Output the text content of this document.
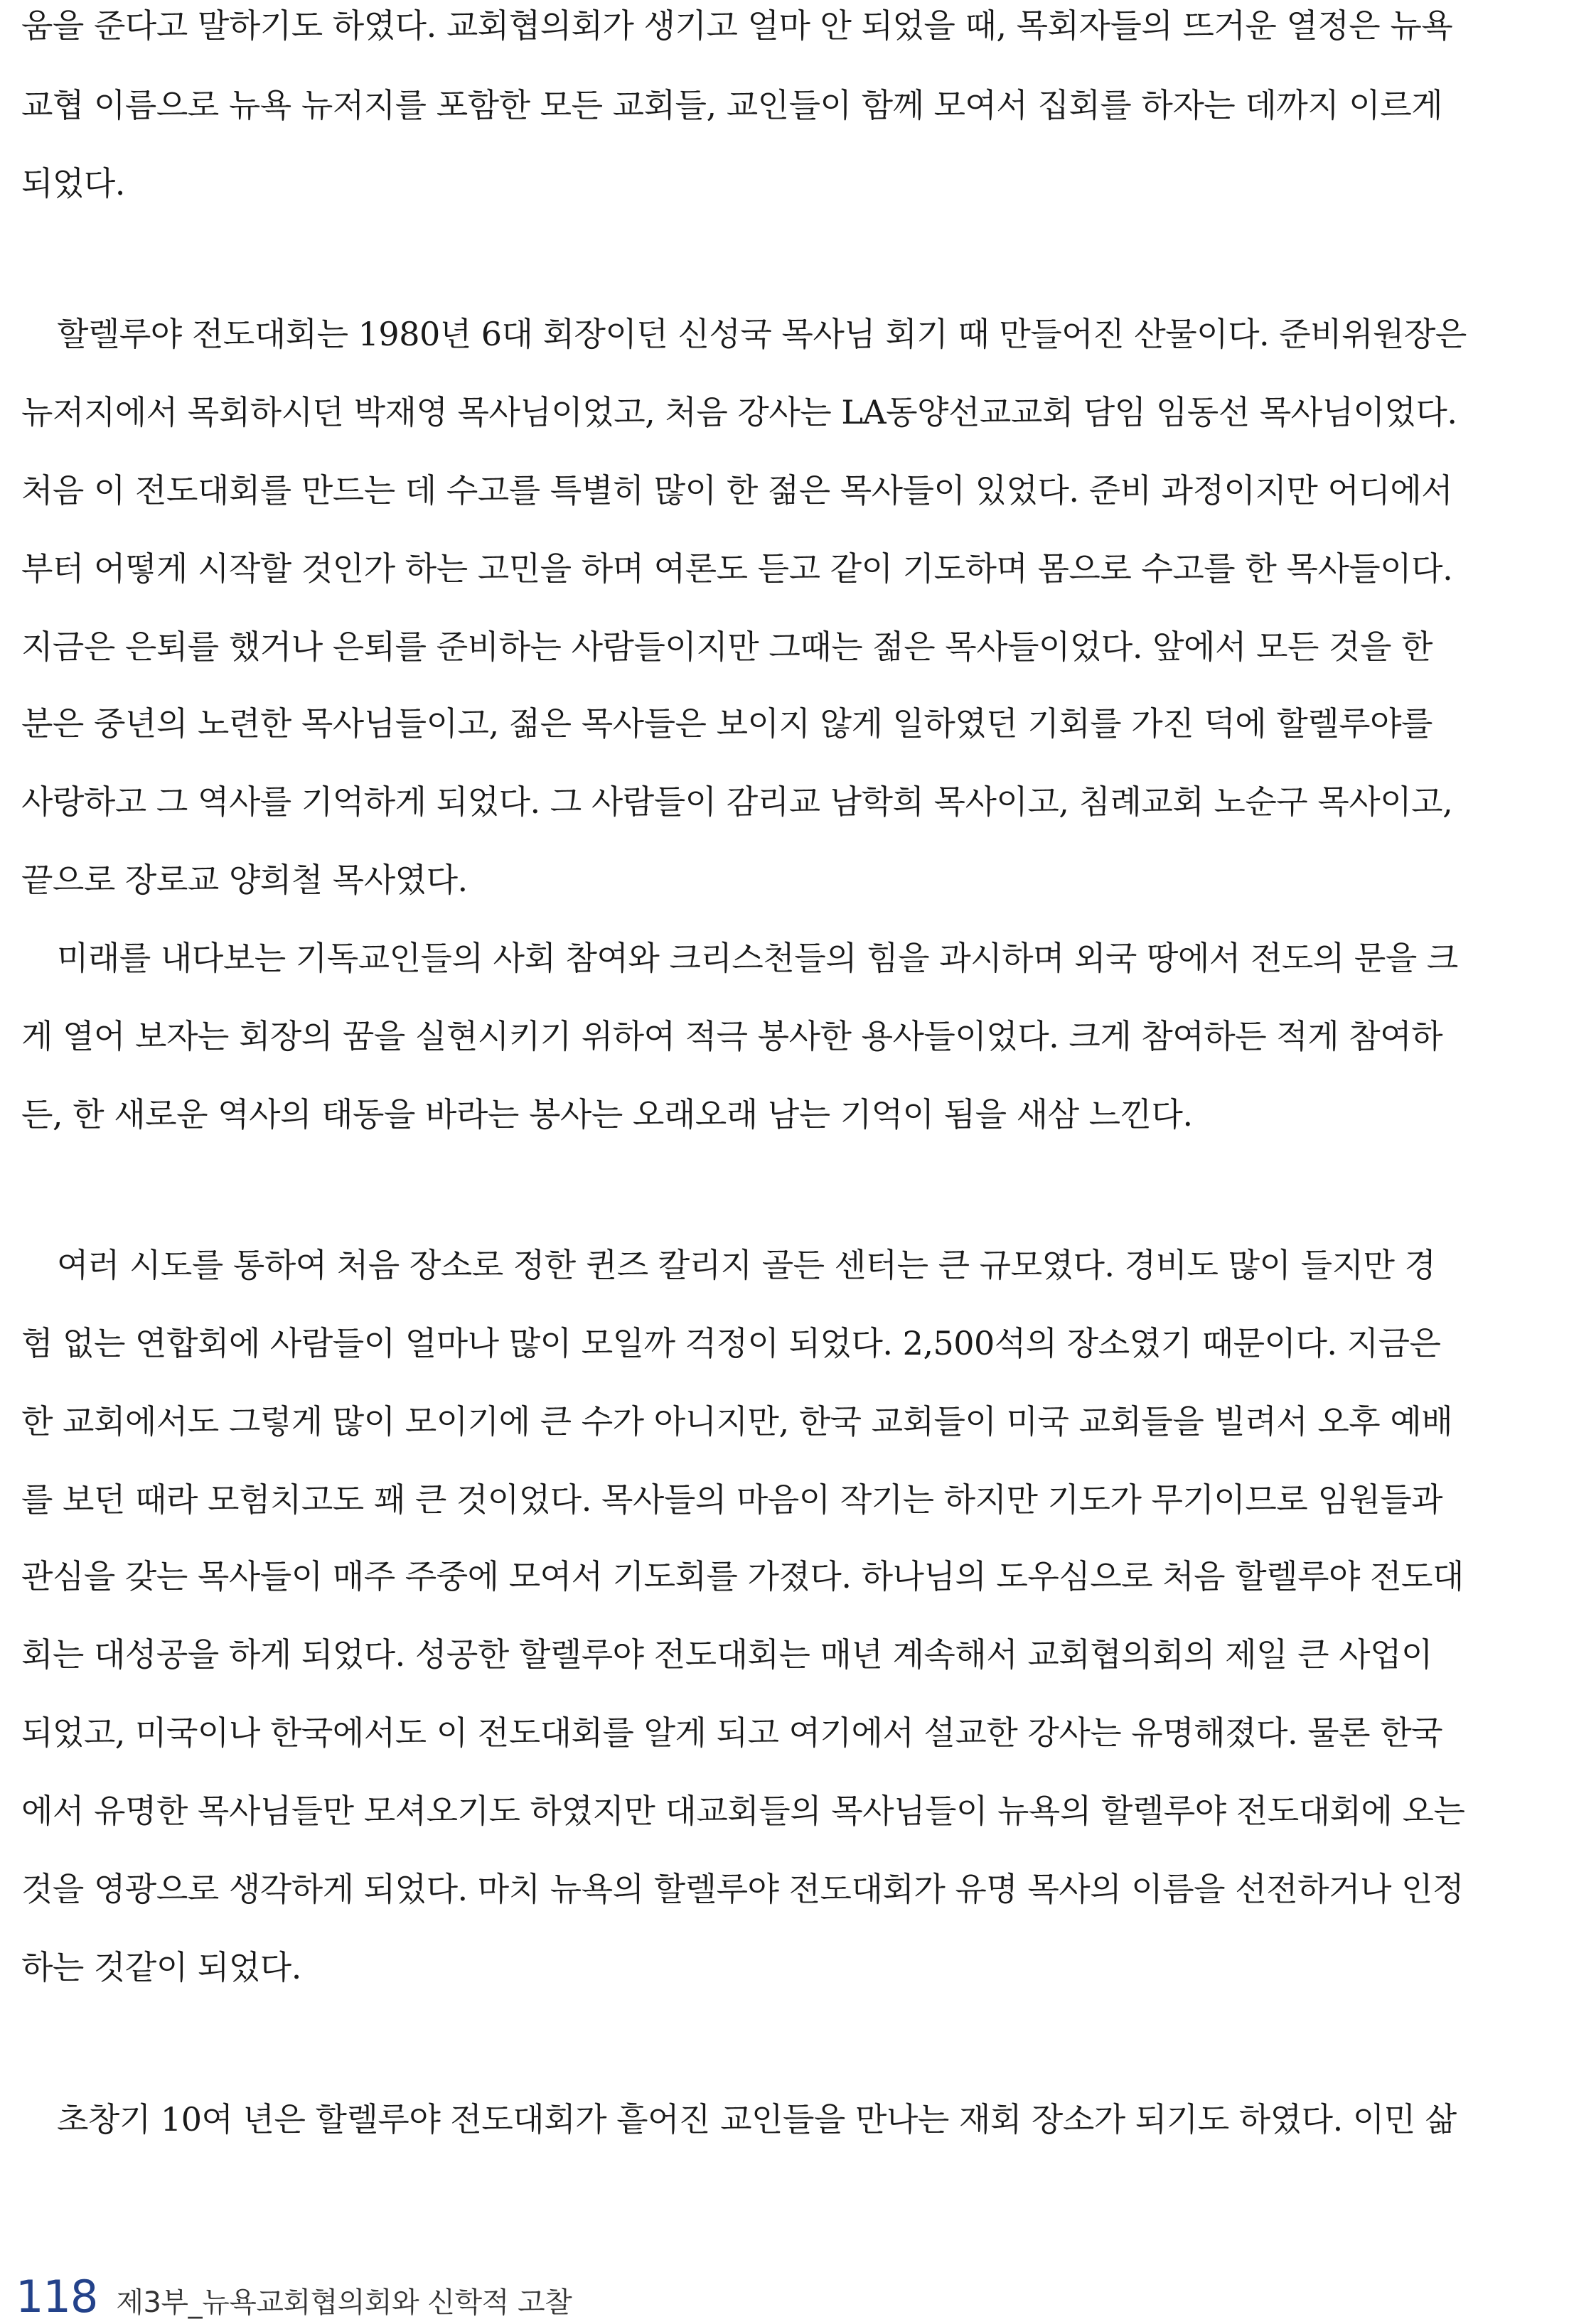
움을 준다고 말하기도 하였다. 교회협의회가 생기고 얼마 안 되었을 때, 목회자들의 뜨거운 열정은 뉴욕
교협 이름으로 뉴욕 뉴저지를 포함한 모든 교회들, 교인들이 함께 모여서 집회를 하자는 데까지 이르게
되었다.
할렐루야 전도대회는 1980년 6대 회장이던 신성국 목사님 회기 때 만들어진 산물이다. 준비위원장은
뉴저지에서 목회하시던 박재영 목사님이었고, 처음 강사는 LA동양선교교회 담임 임동선 목사님이었다.
처음 이 전도대회를 만드는 데 수고를 특별히 많이 한 젊은 목사들이 있었다. 준비 과정이지만 어디에서
부터 어떻게 시작할 것인가 하는 고민을 하며 여론도 듣고 같이 기도하며 몸으로 수고를 한 목사들이다.
지금은 은퇴를 했거나 은퇴를 준비하는 사람들이지만 그때는 젊은 목사들이었다. 앞에서 모든 것을 한
분은 중년의 노련한 목사님들이고, 젊은 목사들은 보이지 않게 일하였던 기회를 가진 덕에 할렐루야를
사랑하고 그 역사를 기억하게 되었다. 그 사람들이 감리교 남학희 목사이고, 침례교회 노순구 목사이고,
끝으로 장로교 양희철 목사였다.
미래를 내다보는 기독교인들의 사회 참여와 크리스천들의 힘을 과시하며 외국 땅에서 전도의 문을 크
게 열어 보자는 회장의 꿈을 실현시키기 위하여 적극 봉사한 용사들이었다. 크게 참여하든 적게 참여하
든, 한 새로운 역사의 태동을 바라는 봉사는 오래오래 남는 기억이 됨을 새삼 느낀다.
여러 시도를 통하여 처음 장소로 정한 퀸즈 칼리지 골든 센터는 큰 규모였다. 경비도 많이 들지만 경
험 없는 연합회에 사람들이 얼마나 많이 모일까 걱정이 되었다. 2,500석의 장소였기 때문이다. 지금은
한 교회에서도 그렇게 많이 모이기에 큰 수가 아니지만, 한국 교회들이 미국 교회들을 빌려서 오후 예배
를 보던 때라 모험치고도 꽤 큰 것이었다. 목사들의 마음이 작기는 하지만 기도가 무기이므로 임원들과
관심을 갖는 목사들이 매주 주중에 모여서 기도회를 가졌다. 하나님의 도우심으로 처음 할렐루야 전도대
회는 대성공을 하게 되었다. 성공한 할렐루야 전도대회는 매년 계속해서 교회협의회의 제일 큰 사업이
되었고, 미국이나 한국에서도 이 전도대회를 알게 되고 여기에서 설교한 강사는 유명해졌다. 물론 한국
에서 유명한 목사님들만 모셔오기도 하였지만 대교회들의 목사님들이 뉴욕의 할렐루야 전도대회에 오는
것을 영광으로 생각하게 되었다. 마치 뉴욕의 할렐루야 전도대회가 유명 목사의 이름을 선전하거나 인정
하는 것같이 되었다.
초창기 10여 년은 할렐루야 전도대회가 흩어진 교인들을 만나는 재회 장소가 되기도 하였다. 이민 삶
118 제3부_뉴욕교회협의회와 신학적 고찰
